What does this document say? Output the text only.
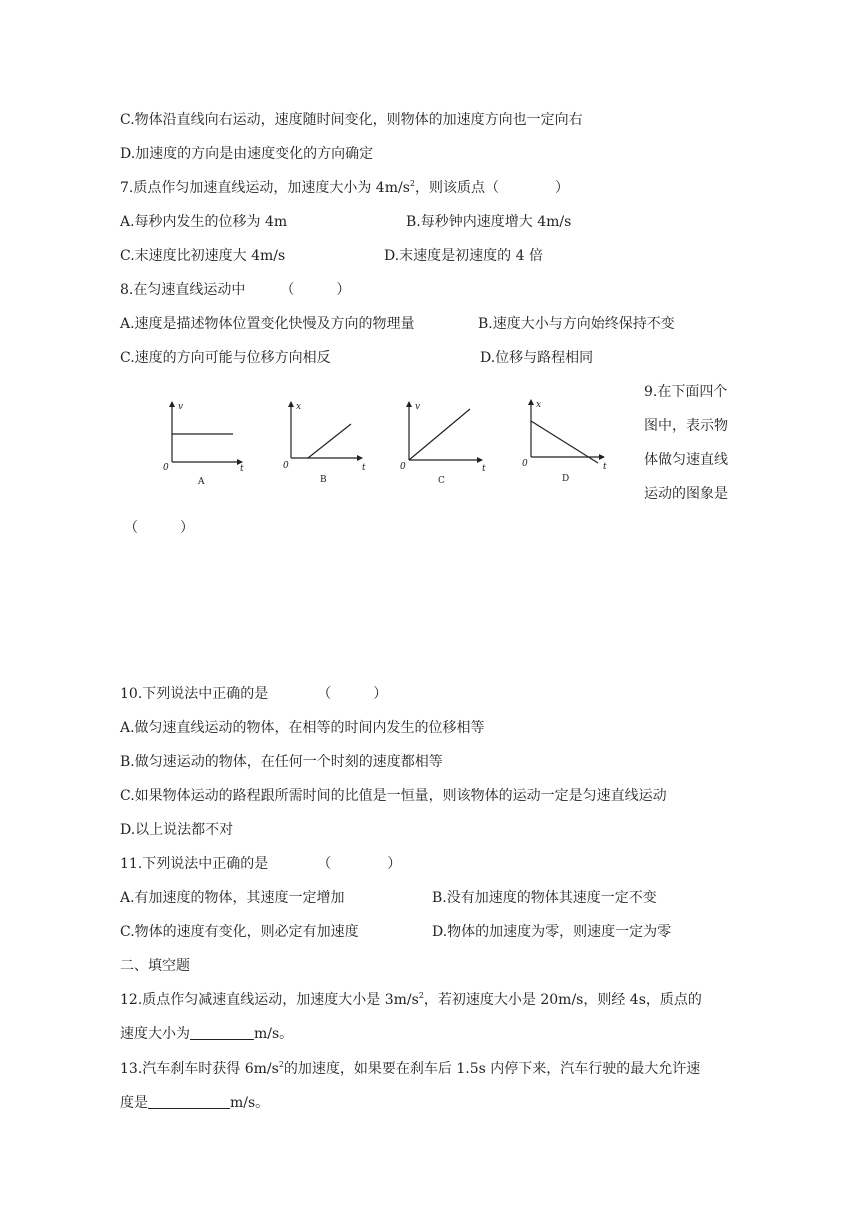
C.物体沿直线向右运动，速度随时间变化，则物体的加速度方向也一定向右
D.加速度的方向是由速度变化的方向确定
7.质点作匀加速直线运动，加速度大小为 $4m/s^2$，则该质点（　　　　）
A.每秒内发生的位移为 4m	B.每秒钟内速度增大 4m/s
C.末速度比初速度大 4m/s	D.末速度是初速度的 4 倍
8.在匀速直线运动中　　　（　　　）
A.速度是描述物体位置变化快慢及方向的物理量	B.速度大小与方向始终保持不变
C.速度的方向可能与位移方向相反	D.位移与路程相同
9.在下面四个
图中，表示物
体做匀速直线
运动的图象是
（　　　）
v
t
0
A
x
t
0
B
v
t
0
C
x
t
0
D
10.下列说法中正确的是　　　　（　　　）
A.做匀速直线运动的物体，在相等的时间内发生的位移相等
B.做匀速运动的物体，在任何一个时刻的速度都相等
C.如果物体运动的路程跟所需时间的比值是一恒量，则该物体的运动一定是匀速直线运动
D.以上说法都不对
11.下列说法中正确的是　　　　（　　　　）
A.有加速度的物体，其速度一定增加	B.没有加速度的物体其速度一定不变
C.物体的速度有变化，则必定有加速度	D.物体的加速度为零，则速度一定为零
二、填空题
12.质点作匀减速直线运动，加速度大小是 $3m/s^2$，若初速度大小是 20m/s，则经 4s，质点的
速度大小为	m/s。
13.汽车刹车时获得 $6m/s^2$的加速度，如果要在刹车后 1.5s 内停下来，汽车行驶的最大允许速
度是	m/s。
